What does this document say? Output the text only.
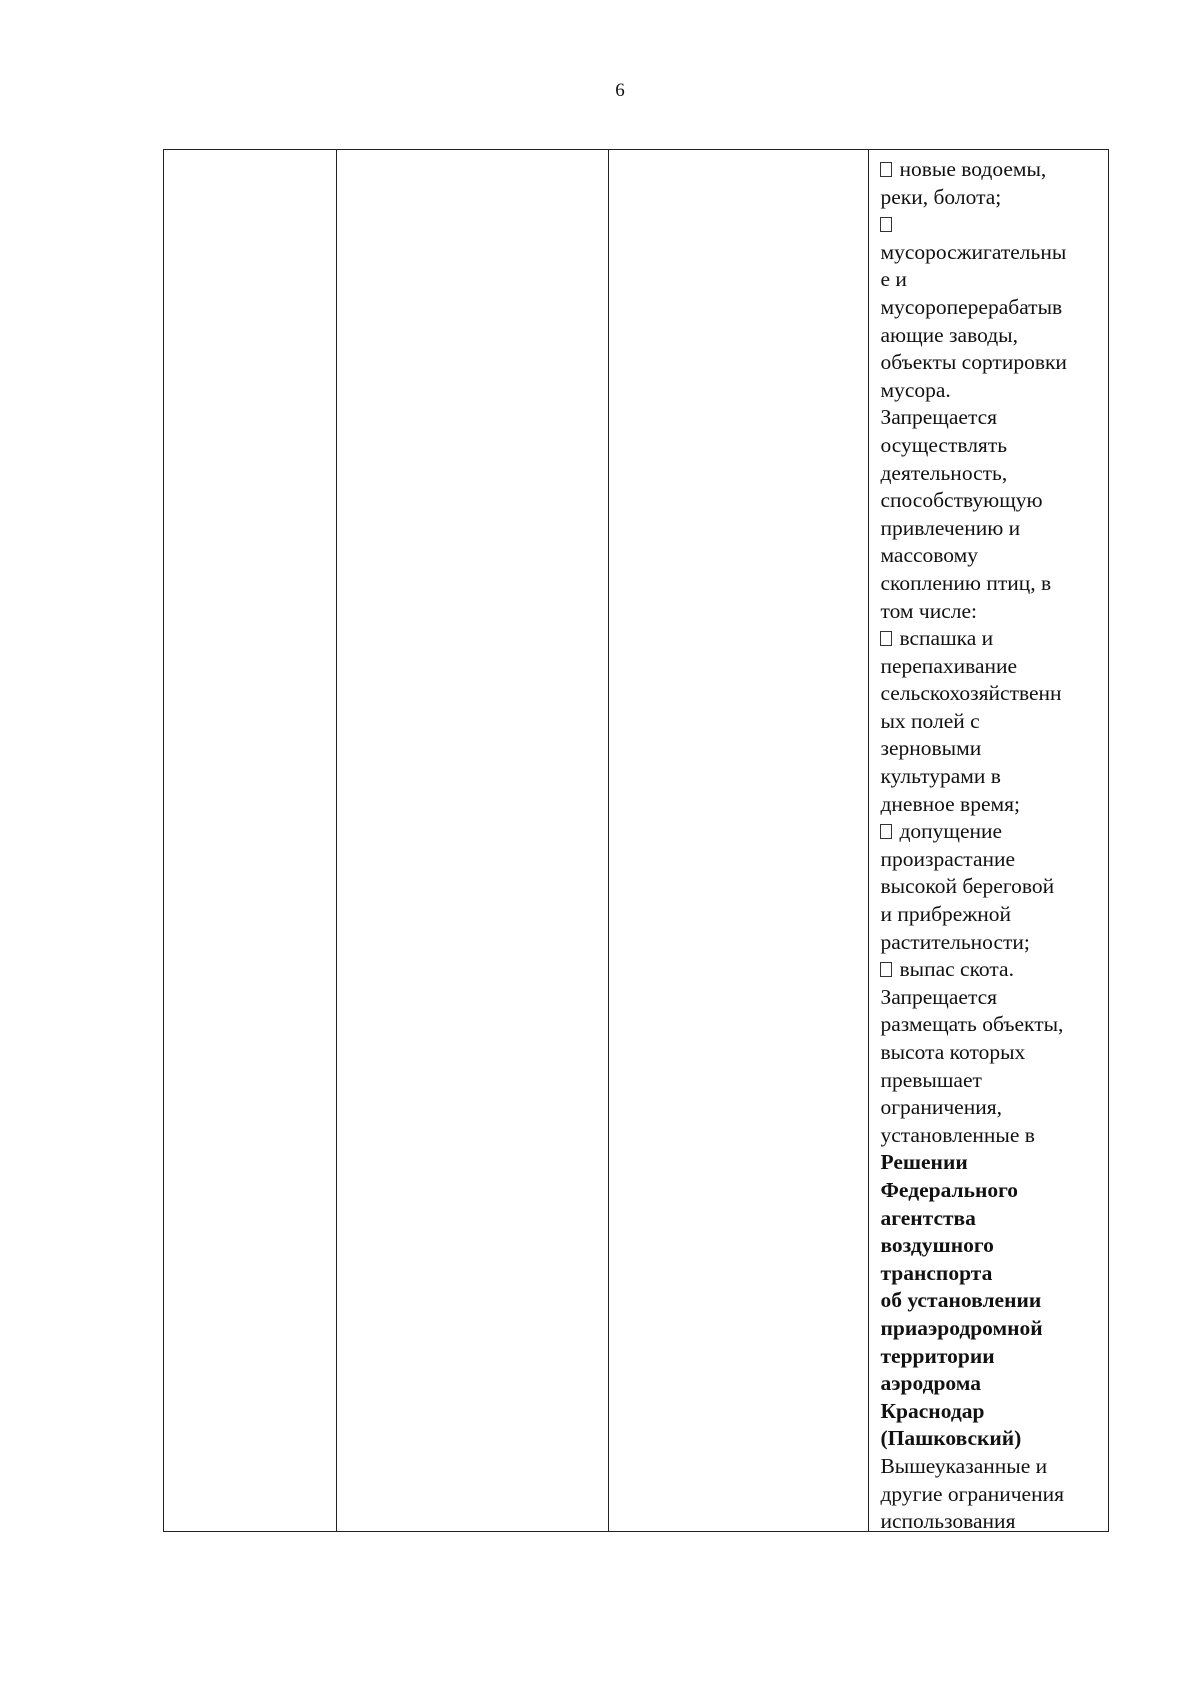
6
новые водоемы,
реки, болота;
мусоросжигательны
е и
мусороперерабатыв
ающие заводы,
объекты сортировки
мусора.
Запрещается
осуществлять
деятельность,
способствующую
привлечению и
массовому
скоплению птиц, в
том числе:
вспашка и
перепахивание
сельскохозяйственн
ых полей с
зерновыми
культурами в
дневное время;
допущение
произрастание
высокой береговой
и прибрежной
растительности;
выпас скота.
Запрещается
размещать объекты,
высота которых
превышает
ограничения,
установленные в
Решении
Федерального
агентства
воздушного
транспорта
об установлении
приаэродромной
территории
аэродрома
Краснодар
(Пашковский)
Вышеуказанные и
другие ограничения
использования
